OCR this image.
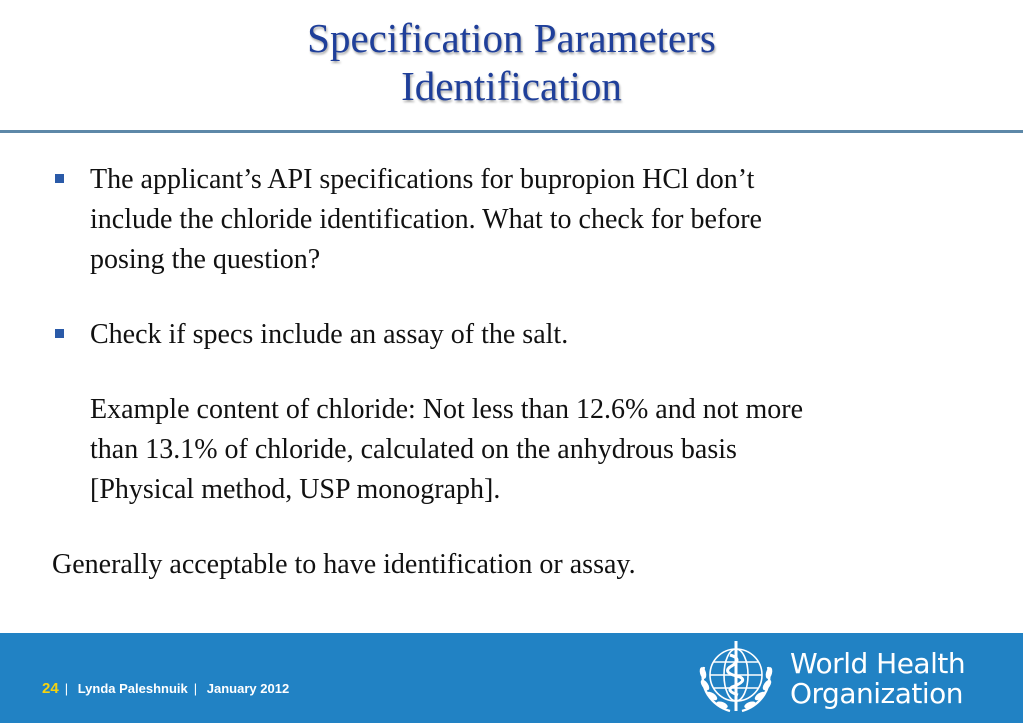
Specification Parameters
Identification
The applicant’s API specifications for bupropion HCl don’t
include the chloride identification. What to check for before
posing the question?
Check if specs include an assay of the salt.
Example content of chloride: Not less than 12.6% and not more
than 13.1% of chloride, calculated on the anhydrous basis
[Physical method, USP monograph].
Generally acceptable to have identification or assay.
24 | Lynda Paleshnuik | January 2012
World Health
Organization
